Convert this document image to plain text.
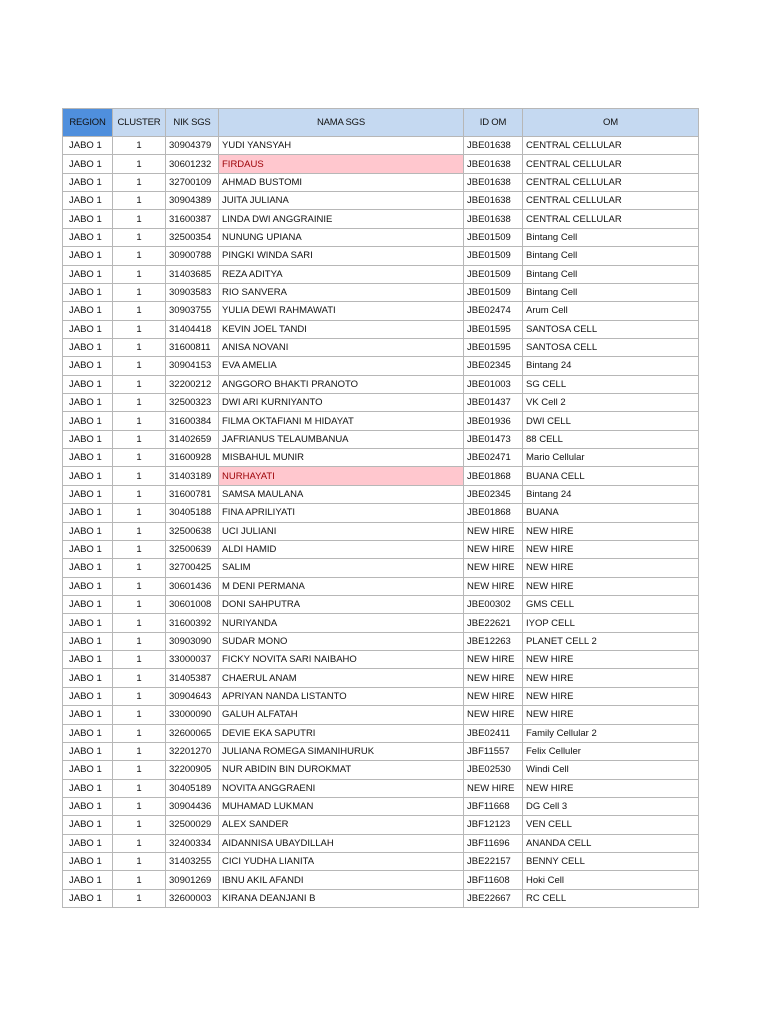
REGION	CLUSTER	NIK SGS	NAMA SGS	ID OM	OM
JABO 1	1	30904379	YUDI YANSYAH	JBE01638	CENTRAL CELLULAR
JABO 1	1	30601232	FIRDAUS	JBE01638	CENTRAL CELLULAR
JABO 1	1	32700109	AHMAD BUSTOMI	JBE01638	CENTRAL CELLULAR
JABO 1	1	30904389	JUITA JULIANA	JBE01638	CENTRAL CELLULAR
JABO 1	1	31600387	LINDA DWI ANGGRAINIE	JBE01638	CENTRAL CELLULAR
JABO 1	1	32500354	NUNUNG UPIANA	JBE01509	Bintang Cell
JABO 1	1	30900788	PINGKI WINDA SARI	JBE01509	Bintang Cell
JABO 1	1	31403685	REZA ADITYA	JBE01509	Bintang Cell
JABO 1	1	30903583	RIO SANVERA	JBE01509	Bintang Cell
JABO 1	1	30903755	YULIA DEWI RAHMAWATI	JBE02474	Arum Cell
JABO 1	1	31404418	KEVIN JOEL TANDI	JBE01595	SANTOSA CELL
JABO 1	1	31600811	ANISA NOVANI	JBE01595	SANTOSA CELL
JABO 1	1	30904153	EVA AMELIA	JBE02345	Bintang 24
JABO 1	1	32200212	ANGGORO BHAKTI PRANOTO	JBE01003	SG CELL
JABO 1	1	32500323	DWI ARI KURNIYANTO	JBE01437	VK Cell 2
JABO 1	1	31600384	FILMA OKTAFIANI M HIDAYAT	JBE01936	DWI CELL
JABO 1	1	31402659	JAFRIANUS TELAUMBANUA	JBE01473	88 CELL
JABO 1	1	31600928	MISBAHUL MUNIR	JBE02471	Mario Cellular
JABO 1	1	31403189	NURHAYATI	JBE01868	BUANA CELL
JABO 1	1	31600781	SAMSA MAULANA	JBE02345	Bintang 24
JABO 1	1	30405188	FINA APRILIYATI	JBE01868	BUANA
JABO 1	1	32500638	UCI JULIANI	NEW HIRE	NEW HIRE
JABO 1	1	32500639	ALDI HAMID	NEW HIRE	NEW HIRE
JABO 1	1	32700425	SALIM	NEW HIRE	NEW HIRE
JABO 1	1	30601436	M DENI PERMANA	NEW HIRE	NEW HIRE
JABO 1	1	30601008	DONI SAHPUTRA	JBE00302	GMS CELL
JABO 1	1	31600392	NURIYANDA	JBE22621	IYOP CELL
JABO 1	1	30903090	SUDAR MONO	JBE12263	PLANET CELL 2
JABO 1	1	33000037	FICKY NOVITA SARI NAIBAHO	NEW HIRE	NEW HIRE
JABO 1	1	31405387	CHAERUL ANAM	NEW HIRE	NEW HIRE
JABO 1	1	30904643	APRIYAN NANDA LISTANTO	NEW HIRE	NEW HIRE
JABO 1	1	33000090	GALUH ALFATAH	NEW HIRE	NEW HIRE
JABO 1	1	32600065	DEVIE EKA SAPUTRI	JBE02411	Family Cellular 2
JABO 1	1	32201270	JULIANA ROMEGA SIMANIHURUK	JBF11557	Felix Celluler
JABO 1	1	32200905	NUR ABIDIN BIN DUROKMAT	JBE02530	Windi Cell
JABO 1	1	30405189	NOVITA ANGGRAENI	NEW HIRE	NEW HIRE
JABO 1	1	30904436	MUHAMAD LUKMAN	JBF11668	DG Cell 3
JABO 1	1	32500029	ALEX SANDER	JBF12123	VEN CELL
JABO 1	1	32400334	AIDANNISA UBAYDILLAH	JBF11696	ANANDA CELL
JABO 1	1	31403255	CICI YUDHA LIANITA	JBE22157	BENNY CELL
JABO 1	1	30901269	IBNU AKIL AFANDI	JBF11608	Hoki Cell
JABO 1	1	32600003	KIRANA DEANJANI B	JBE22667	RC CELL
